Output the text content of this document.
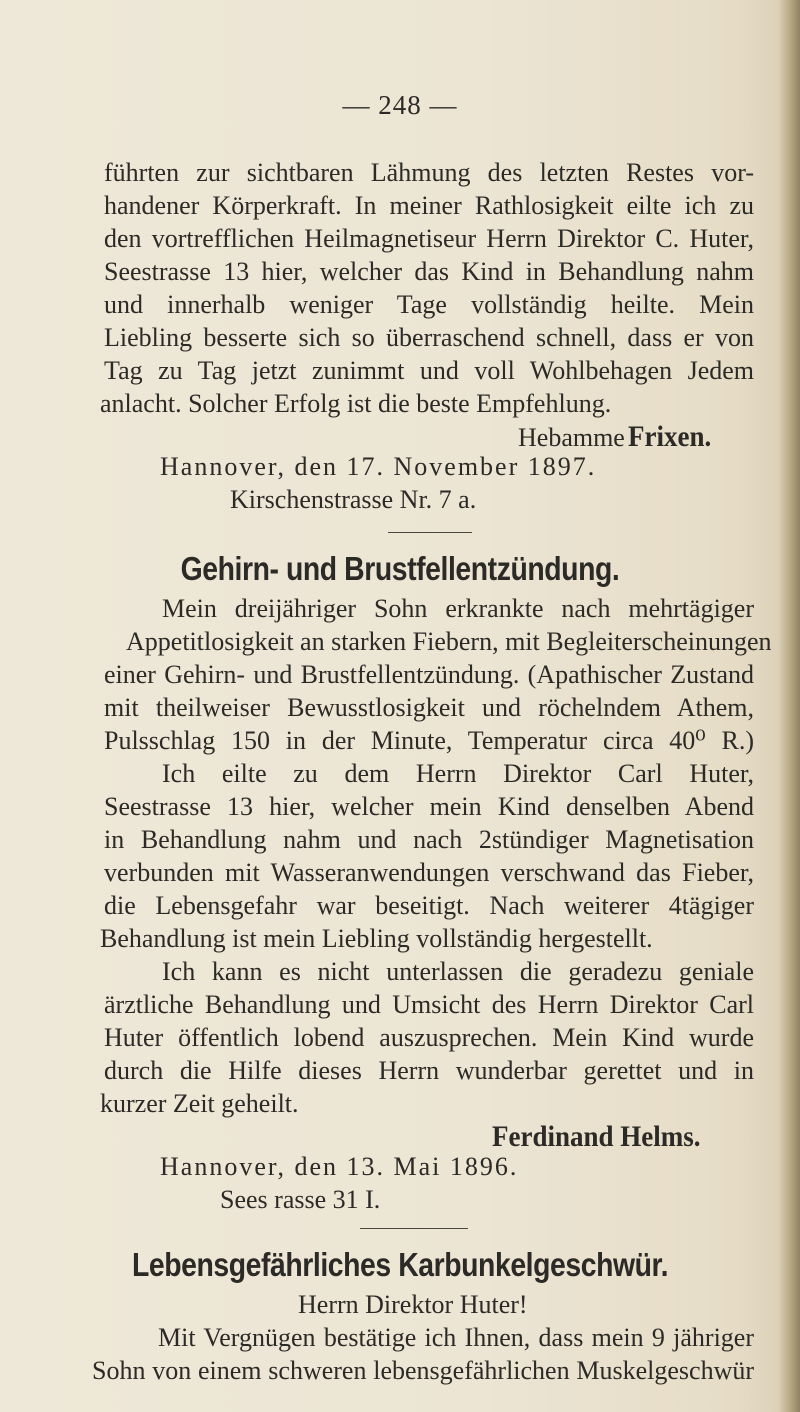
— 248 —
führten zur sichtbaren Lähmung des letzten Restes vor-
handener Körperkraft. In meiner Rathlosigkeit eilte ich zu
den vortrefflichen Heilmagnetiseur Herrn Direktor C. Huter,
Seestrasse 13 hier, welcher das Kind in Behandlung nahm
und innerhalb weniger Tage vollständig heilte. Mein
Liebling besserte sich so überraschend schnell, dass er von
Tag zu Tag jetzt zunimmt und voll Wohlbehagen Jedem
anlacht. Solcher Erfolg ist die beste Empfehlung.
Hebamme Frixen.
Hannover, den 17. November 1897.
Kirschenstrasse Nr. 7 a.
Gehirn- und Brustfellentzündung.
Mein dreijähriger Sohn erkrankte nach mehrtägiger
Appetitlosigkeit an starken Fiebern, mit Begleiterscheinungen
einer Gehirn- und Brustfellentzündung. (Apathischer Zustand
mit theilweiser Bewusstlosigkeit und röchelndem Athem,
Pulsschlag 150 in der Minute, Temperatur circa 40⁰ R.)
Ich eilte zu dem Herrn Direktor Carl Huter,
Seestrasse 13 hier, welcher mein Kind denselben Abend
in Behandlung nahm und nach 2stündiger Magnetisation
verbunden mit Wasseranwendungen verschwand das Fieber,
die Lebensgefahr war beseitigt. Nach weiterer 4tägiger
Behandlung ist mein Liebling vollständig hergestellt.
Ich kann es nicht unterlassen die geradezu geniale
ärztliche Behandlung und Umsicht des Herrn Direktor Carl
Huter öffentlich lobend auszusprechen. Mein Kind wurde
durch die Hilfe dieses Herrn wunderbar gerettet und in
kurzer Zeit geheilt.
Ferdinand Helms.
Hannover, den 13. Mai 1896.
Sees rasse 31 I.
Lebensgefährliches Karbunkelgeschwür.
Herrn Direktor Huter!
Mit Vergnügen bestätige ich Ihnen, dass mein 9 jähriger
Sohn von einem schweren lebensgefährlichen Muskelgeschwür
